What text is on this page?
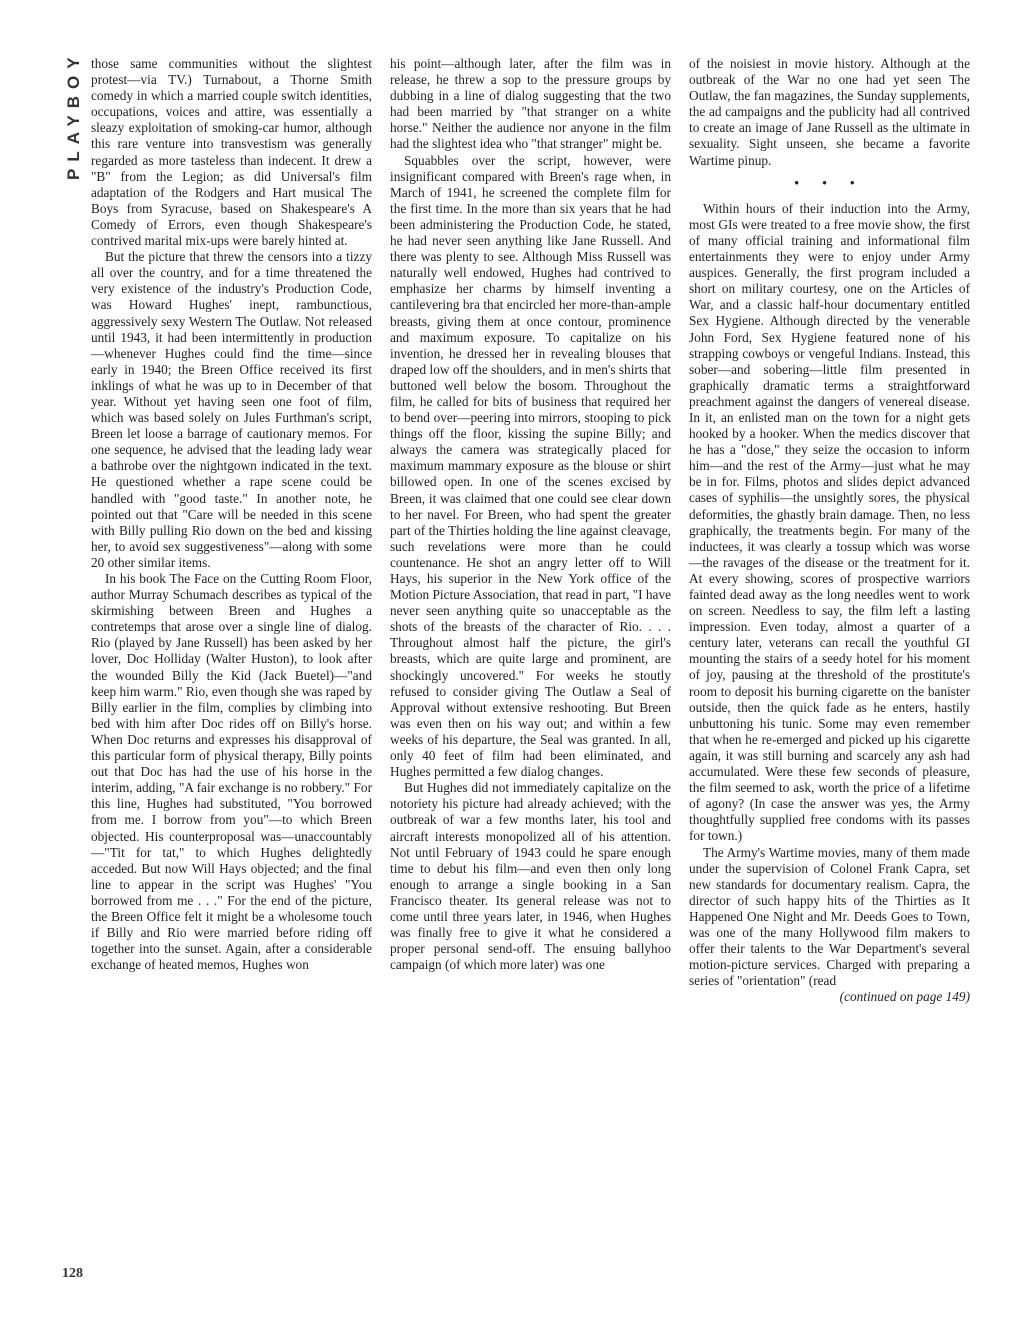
PLAYBOY those same communities without the slightest protest—via TV.) Turnabout, a Thorne Smith comedy in which a married couple switch identities, occupations, voices and attire, was essentially a sleazy exploitation of smoking-car humor, although this rare venture into transvestism was generally regarded as more tasteless than indecent. It drew a "B" from the Legion; as did Universal's film adaptation of the Rodgers and Hart musical The Boys from Syracuse, based on Shakespeare's A Comedy of Errors, even though Shakespeare's contrived marital mix-ups were barely hinted at.

But the picture that threw the censors into a tizzy all over the country, and for a time threatened the very existence of the industry's Production Code, was Howard Hughes' inept, rambunctious, aggressively sexy Western The Outlaw. Not released until 1943, it had been intermittently in production—whenever Hughes could find the time—since early in 1940; the Breen Office received its first inklings of what he was up to in December of that year. Without yet having seen one foot of film, which was based solely on Jules Furthman's script, Breen let loose a barrage of cautionary memos. For one sequence, he advised that the leading lady wear a bathrobe over the nightgown indicated in the text. He questioned whether a rape scene could be handled with "good taste." In another note, he pointed out that "Care will be needed in this scene with Billy pulling Rio down on the bed and kissing her, to avoid sex suggestiveness"—along with some 20 other similar items.

In his book The Face on the Cutting Room Floor, author Murray Schumach describes as typical of the skirmishing between Breen and Hughes a contretemps that arose over a single line of dialog. Rio (played by Jane Russell) has been asked by her lover, Doc Holliday (Walter Huston), to look after the wounded Billy the Kid (Jack Buetel)—"and keep him warm." Rio, even though she was raped by Billy earlier in the film, complies by climbing into bed with him after Doc rides off on Billy's horse. When Doc returns and expresses his disapproval of this particular form of physical therapy, Billy points out that Doc has had the use of his horse in the interim, adding, "A fair exchange is no robbery." For this line, Hughes had substituted, "You borrowed from me. I borrow from you"—to which Breen objected. His counterproposal was—unaccountably—"Tit for tat," to which Hughes delightedly acceded. But now Will Hays objected; and the final line to appear in the script was Hughes' "You borrowed from me . . ." For the end of the picture, the Breen Office felt it might be a wholesome touch if Billy and Rio were married before riding off together into the sunset. Again, after a considerable exchange of heated memos, Hughes won

his point—although later, after the film was in release, he threw a sop to the pressure groups by dubbing in a line of dialog suggesting that the two had been married by "that stranger on a white horse." Neither the audience nor anyone in the film had the slightest idea who "that stranger" might be.

Squabbles over the script, however, were insignificant compared with Breen's rage when, in March of 1941, he screened the complete film for the first time. In the more than six years that he had been administering the Production Code, he stated, he had never seen anything like Jane Russell. And there was plenty to see. Although Miss Russell was naturally well endowed, Hughes had contrived to emphasize her charms by himself inventing a cantilevering bra that encircled her more-than-ample breasts, giving them at once contour, prominence and maximum exposure. To capitalize on his invention, he dressed her in revealing blouses that draped low off the shoulders, and in men's shirts that buttoned well below the bosom. Throughout the film, he called for bits of business that required her to bend over—peering into mirrors, stooping to pick things off the floor, kissing the supine Billy; and always the camera was strategically placed for maximum mammary exposure as the blouse or shirt billowed open. In one of the scenes excised by Breen, it was claimed that one could see clear down to her navel. For Breen, who had spent the greater part of the Thirties holding the line against cleavage, such revelations were more than he could countenance. He shot an angry letter off to Will Hays, his superior in the New York office of the Motion Picture Association, that read in part, "I have never seen anything quite so unacceptable as the shots of the breasts of the character of Rio. . . . Throughout almost half the picture, the girl's breasts, which are quite large and prominent, are shockingly uncovered." For weeks he stoutly refused to consider giving The Outlaw a Seal of Approval without extensive reshooting. But Breen was even then on his way out; and within a few weeks of his departure, the Seal was granted. In all, only 40 feet of film had been eliminated, and Hughes permitted a few dialog changes.

But Hughes did not immediately capitalize on the notoriety his picture had already achieved; with the outbreak of war a few months later, his tool and aircraft interests monopolized all of his attention. Not until February of 1943 could he spare enough time to debut his film—and even then only long enough to arrange a single booking in a San Francisco theater. Its general release was not to come until three years later, in 1946, when Hughes was finally free to give it what he considered a proper personal send-off. The ensuing ballyhoo campaign (of which more later) was one

of the noisiest in movie history. Although at the outbreak of the War no one had yet seen The Outlaw, the fan magazines, the Sunday supplements, the ad campaigns and the publicity had all contrived to create an image of Jane Russell as the ultimate in sexuality. Sight unseen, she became a favorite Wartime pinup.

• • •

Within hours of their induction into the Army, most GIs were treated to a free movie show, the first of many official training and informational film entertainments they were to enjoy under Army auspices. Generally, the first program included a short on military courtesy, one on the Articles of War, and a classic half-hour documentary entitled Sex Hygiene. Although directed by the venerable John Ford, Sex Hygiene featured none of his strapping cowboys or vengeful Indians. Instead, this sober—and sobering—little film presented in graphically dramatic terms a straightforward preachment against the dangers of venereal disease. In it, an enlisted man on the town for a night gets hooked by a hooker. When the medics discover that he has a "dose," they seize the occasion to inform him—and the rest of the Army—just what he may be in for. Films, photos and slides depict advanced cases of syphilis—the unsightly sores, the physical deformities, the ghastly brain damage. Then, no less graphically, the treatments begin. For many of the inductees, it was clearly a tossup which was worse—the ravages of the disease or the treatment for it. At every showing, scores of prospective warriors fainted dead away as the long needles went to work on screen. Needless to say, the film left a lasting impression. Even today, almost a quarter of a century later, veterans can recall the youthful GI mounting the stairs of a seedy hotel for his moment of joy, pausing at the threshold of the prostitute's room to deposit his burning cigarette on the banister outside, then the quick fade as he enters, hastily unbuttoning his tunic. Some may even remember that when he re-emerged and picked up his cigarette again, it was still burning and scarcely any ash had accumulated. Were these few seconds of pleasure, the film seemed to ask, worth the price of a lifetime of agony? (In case the answer was yes, the Army thoughtfully supplied free condoms with its passes for town.)

The Army's Wartime movies, many of them made under the supervision of Colonel Frank Capra, set new standards for documentary realism. Capra, the director of such happy hits of the Thirties as It Happened One Night and Mr. Deeds Goes to Town, was one of the many Hollywood film makers to offer their talents to the War Department's several motion-picture services. Charged with preparing a series of "orientation" (read

(continued on page 149)

128
